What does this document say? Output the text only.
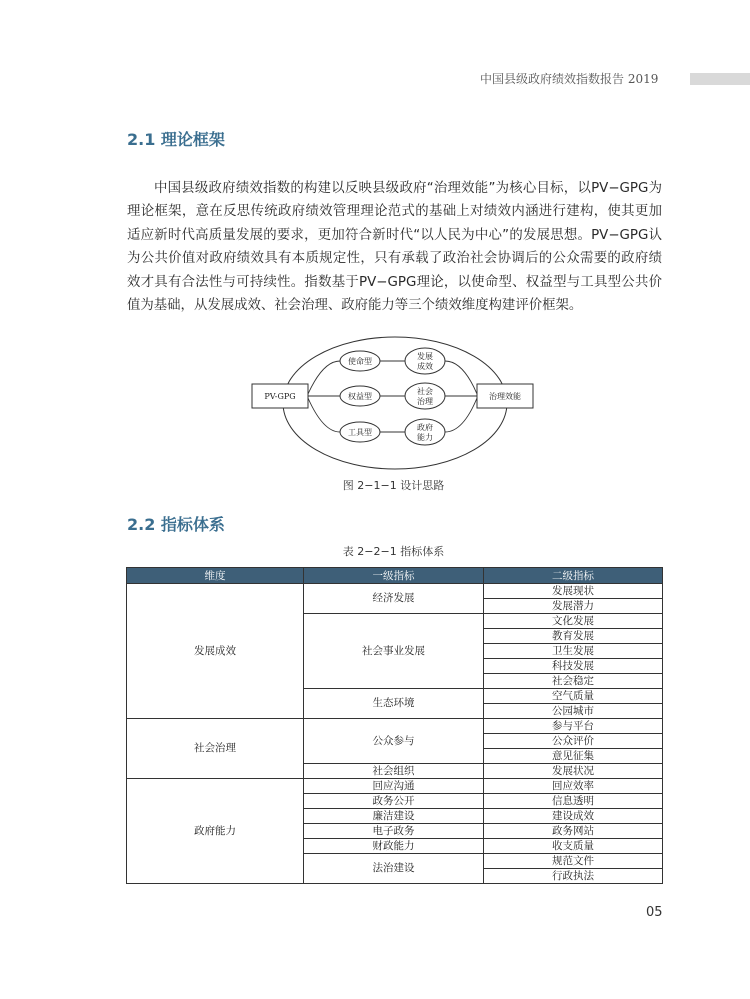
中国县级政府绩效指数报告 2019
2.1 理论框架
中国县级政府绩效指数的构建以反映县级政府“治理效能”为核心目标，以PV−GPG为理论框架，意在反思传统政府绩效管理理论范式的基础上对绩效内涵进行建构，使其更加适应新时代高质量发展的要求，更加符合新时代“以人民为中心”的发展思想。PV−GPG认为公共价值对政府绩效具有本质规定性，只有承载了政治社会协调后的公众需要的政府绩效才具有合法性与可持续性。指数基于PV−GPG理论，以使命型、权益型与工具型公共价值为基础，从发展成效、社会治理、政府能力等三个绩效维度构建评价框架。
PV-GPG	治理效能
使命型
权益型
工具型
发展
成效
社会
治理
政府
能力
图 2−1−1 设计思路
2.2 指标体系
表 2−2−1 指标体系
维度	一级指标	二级指标
发展成效	经济发展	发展现状
		发展潜力
	社会事业发展	文化发展
		教育发展
		卫生发展
		科技发展
		社会稳定
	生态环境	空气质量
		公园城市
社会治理	公众参与	参与平台
		公众评价
		意见征集
	社会组织	发展状况
政府能力	回应沟通	回应效率
	政务公开	信息透明
	廉洁建设	建设成效
	电子政务	政务网站
	财政能力	收支质量
	法治建设	规范文件
		行政执法
05
